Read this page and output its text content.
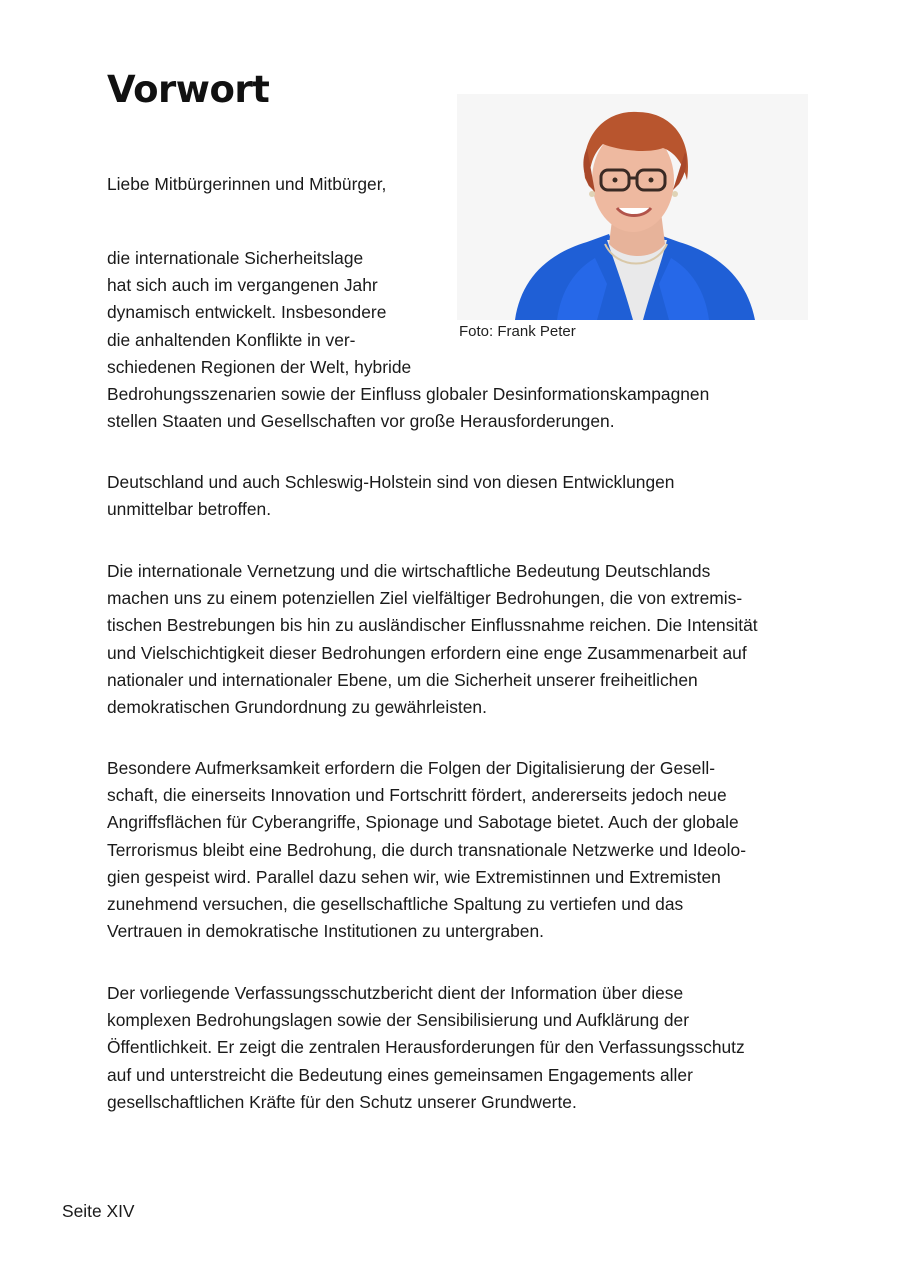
Vorwort
Foto: Frank Peter

Liebe Mitbürgerinnen und Mitbürger,

die internationale Sicherheitslage
hat sich auch im vergangenen Jahr
dynamisch entwickelt. Insbesondere
die anhaltenden Konflikte in ver-
schiedenen Regionen der Welt, hybride
Bedrohungsszenarien sowie der Einfluss globaler Desinformationskampagnen
stellen Staaten und Gesellschaften vor große Herausforderungen.

Deutschland und auch Schleswig-Holstein sind von diesen Entwicklungen
unmittelbar betroffen.

Die internationale Vernetzung und die wirtschaftliche Bedeutung Deutschlands
machen uns zu einem potenziellen Ziel vielfältiger Bedrohungen, die von extremis-
tischen Bestrebungen bis hin zu ausländischer Einflussnahme reichen. Die Intensität
und Vielschichtigkeit dieser Bedrohungen erfordern eine enge Zusammenarbeit auf
nationaler und internationaler Ebene, um die Sicherheit unserer freiheitlichen
demokratischen Grundordnung zu gewährleisten.

Besondere Aufmerksamkeit erfordern die Folgen der Digitalisierung der Gesell-
schaft, die einerseits Innovation und Fortschritt fördert, andererseits jedoch neue
Angriffsflächen für Cyberangriffe, Spionage und Sabotage bietet. Auch der globale
Terrorismus bleibt eine Bedrohung, die durch transnationale Netzwerke und Ideolo-
gien gespeist wird. Parallel dazu sehen wir, wie Extremistinnen und Extremisten
zunehmend versuchen, die gesellschaftliche Spaltung zu vertiefen und das
Vertrauen in demokratische Institutionen zu untergraben.

Der vorliegende Verfassungsschutzbericht dient der Information über diese
komplexen Bedrohungslagen sowie der Sensibilisierung und Aufklärung der
Öffentlichkeit. Er zeigt die zentralen Herausforderungen für den Verfassungsschutz
auf und unterstreicht die Bedeutung eines gemeinsamen Engagements aller
gesellschaftlichen Kräfte für den Schutz unserer Grundwerte.

Seite XIV
